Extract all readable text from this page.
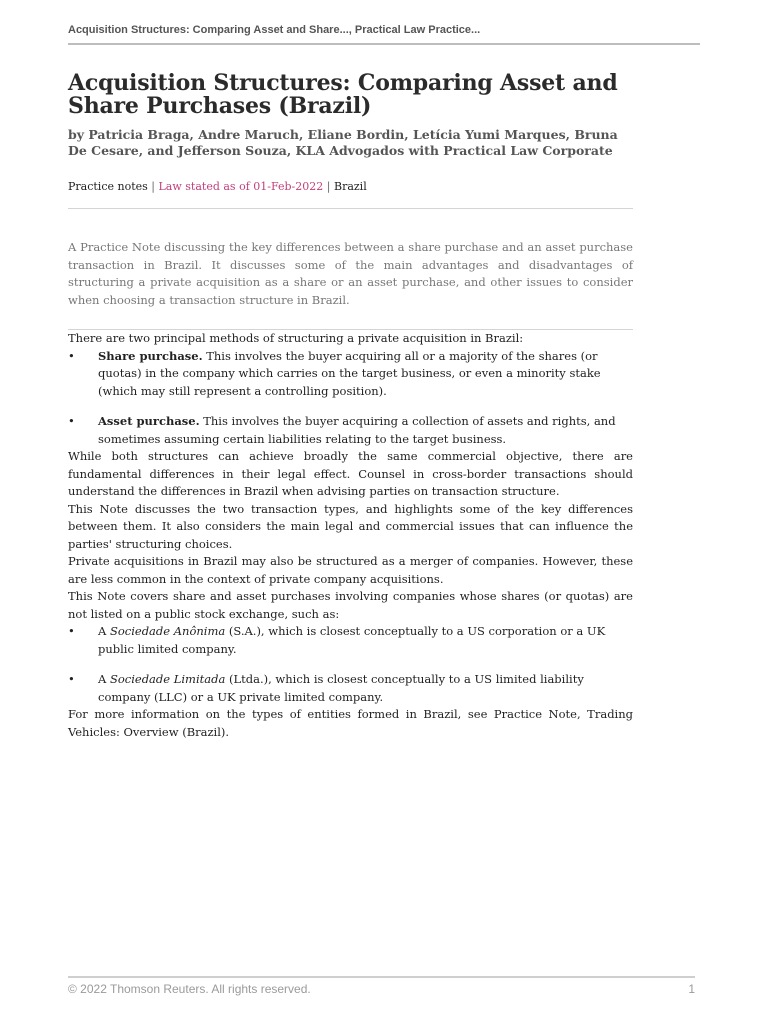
Acquisition Structures: Comparing Asset and Share..., Practical Law Practice...
Acquisition Structures: Comparing Asset and Share Purchases (Brazil)
by Patricia Braga, Andre Maruch, Eliane Bordin, Letícia Yumi Marques, Bruna De Cesare, and Jefferson Souza, KLA Advogados with Practical Law Corporate
Practice notes | Law stated as of 01-Feb-2022 | Brazil
A Practice Note discussing the key differences between a share purchase and an asset purchase transaction in Brazil. It discusses some of the main advantages and disadvantages of structuring a private acquisition as a share or an asset purchase, and other issues to consider when choosing a transaction structure in Brazil.

There are two principal methods of structuring a private acquisition in Brazil:

• Share purchase. This involves the buyer acquiring all or a majority of the shares (or quotas) in the company which carries on the target business, or even a minority stake (which may still represent a controlling position).
• Asset purchase. This involves the buyer acquiring a collection of assets and rights, and sometimes assuming certain liabilities relating to the target business.

While both structures can achieve broadly the same commercial objective, there are fundamental differences in their legal effect. Counsel in cross-border transactions should understand the differences in Brazil when advising parties on transaction structure.

This Note discusses the two transaction types, and highlights some of the key differences between them. It also considers the main legal and commercial issues that can influence the parties' structuring choices.

Private acquisitions in Brazil may also be structured as a merger of companies. However, these are less common in the context of private company acquisitions.

This Note covers share and asset purchases involving companies whose shares (or quotas) are not listed on a public stock exchange, such as:

• A Sociedade Anônima (S.A.), which is closest conceptually to a US corporation or a UK public limited company.
• A Sociedade Limitada (Ltda.), which is closest conceptually to a US limited liability company (LLC) or a UK private limited company.

For more information on the types of entities formed in Brazil, see Practice Note, Trading Vehicles: Overview (Brazil).

© 2022 Thomson Reuters. All rights reserved.	1
